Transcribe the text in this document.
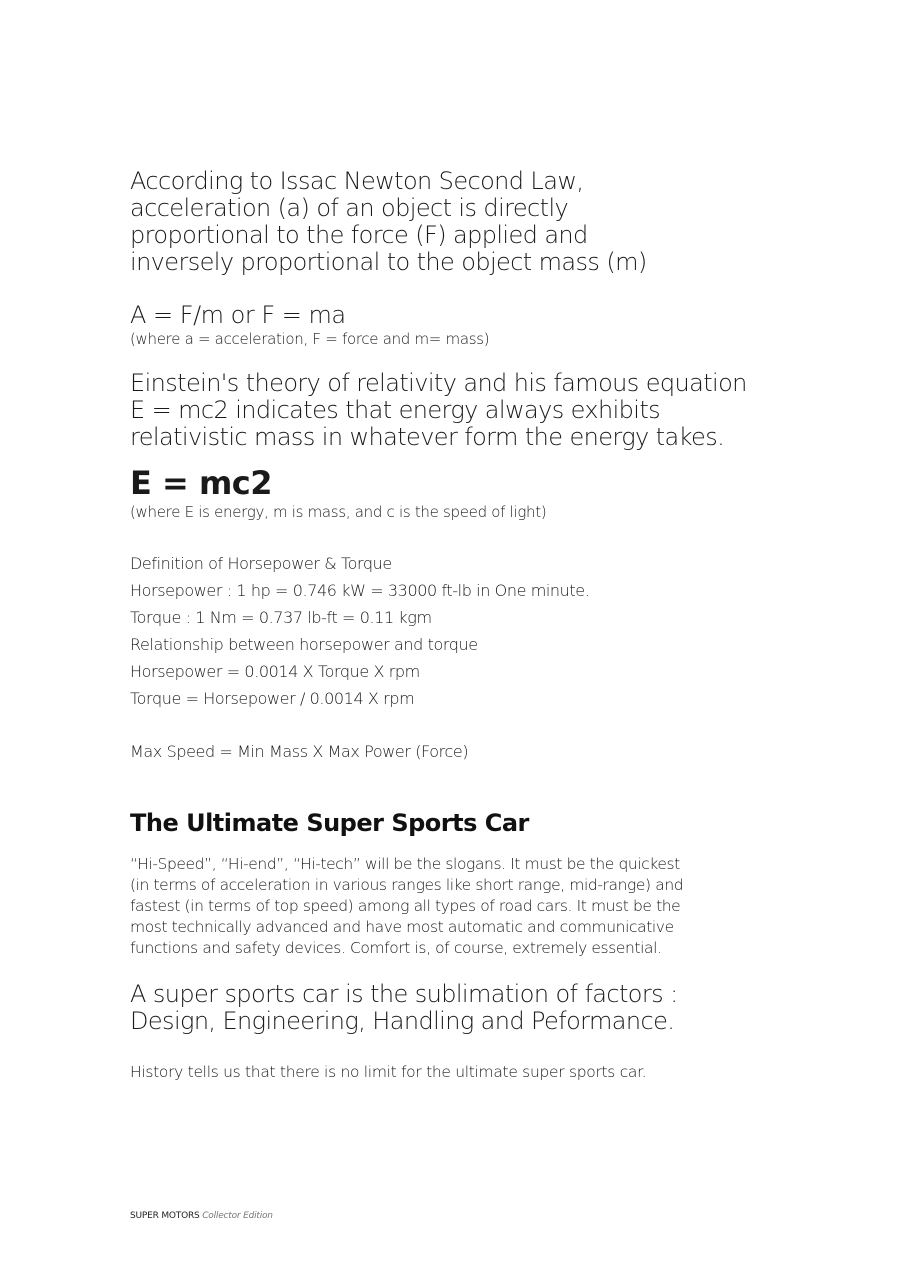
According to Issac Newton Second Law,
acceleration (a) of an object is directly
proportional to the force (F) applied and
inversely proportional to the object mass (m)
A = F/m or F = ma
(where a = acceleration, F = force and m= mass)
Einstein's theory of relativity and his famous equation
E = mc2 indicates that energy always exhibits
relativistic mass in whatever form the energy takes.
E = mc2
(where E is energy, m is mass, and c is the speed of light)
Definition of Horsepower & Torque
Horsepower : 1 hp = 0.746 kW = 33000 ft-lb in One minute.
Torque : 1 Nm = 0.737 lb-ft = 0.11 kgm
Relationship between horsepower and torque
Horsepower = 0.0014 X Torque X rpm
Torque = Horsepower / 0.0014 X rpm
Max Speed = Min Mass X Max Power (Force)
The Ultimate Super Sports Car
“Hi-Speed”, “Hi-end”, “Hi-tech” will be the slogans. It must be the quickest
(in terms of acceleration in various ranges like short range, mid-range) and
fastest (in terms of top speed) among all types of road cars. It must be the
most technically advanced and have most automatic and communicative
functions and safety devices. Comfort is, of course, extremely essential.
A super sports car is the sublimation of factors :
Design, Engineering, Handling and Peformance.
History tells us that there is no limit for the ultimate super sports car.
SUPER MOTORS Collector Edition
